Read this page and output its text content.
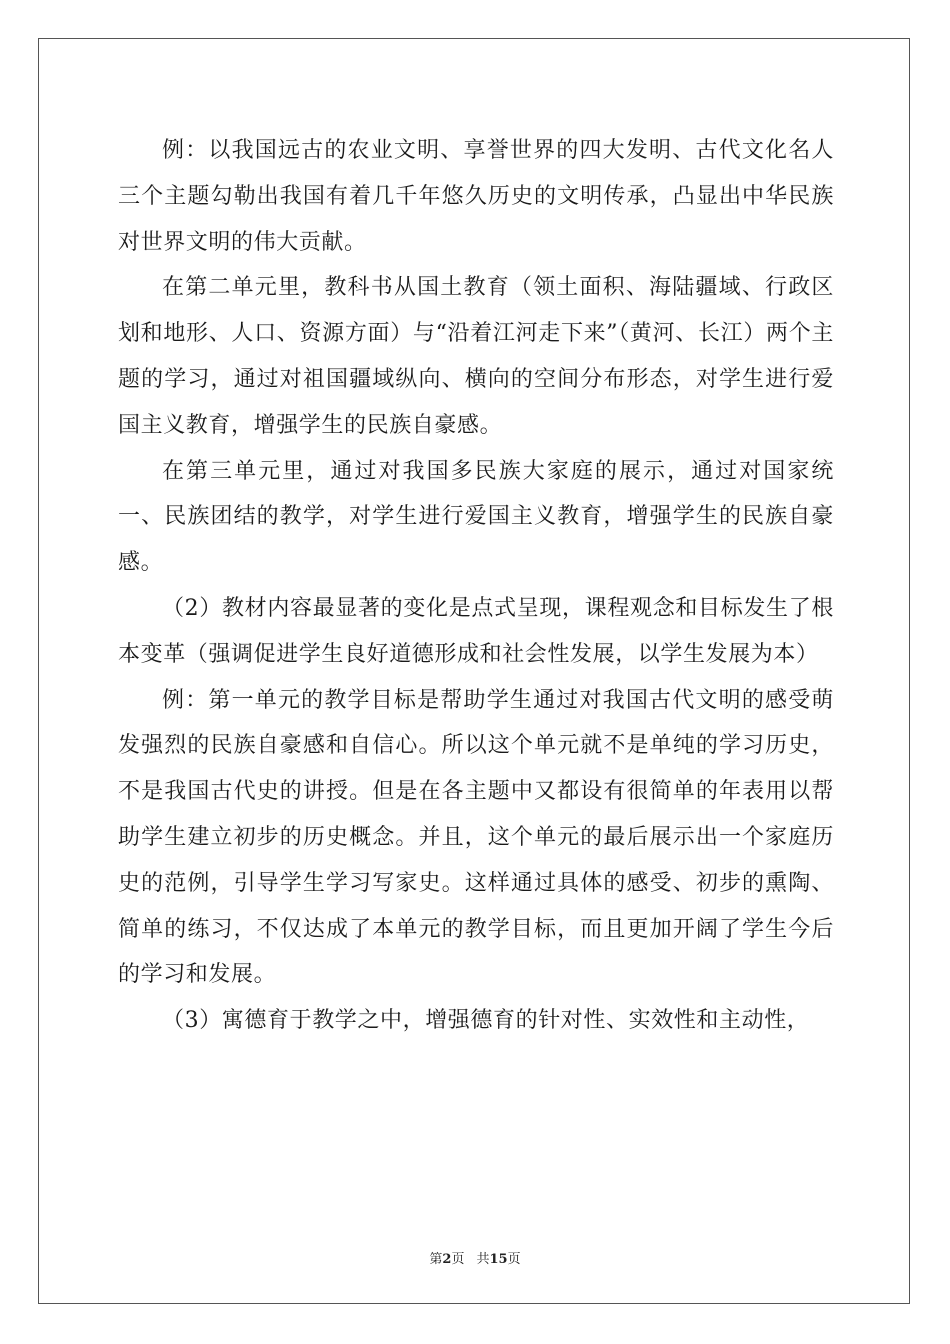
例：以我国远古的农业文明、享誉世界的四大发明、古代文化名人三个主题勾勒出我国有着几千年悠久历史的文明传承，凸显出中华民族对世界文明的伟大贡献。

在第二单元里，教科书从国土教育（领土面积、海陆疆域、行政区划和地形、人口、资源方面）与“沿着江河走下来”（黄河、长江）两个主题的学习，通过对祖国疆域纵向、横向的空间分布形态，对学生进行爱国主义教育，增强学生的民族自豪感。

在第三单元里，通过对我国多民族大家庭的展示，通过对国家统一、民族团结的教学，对学生进行爱国主义教育，增强学生的民族自豪感。

（2）教材内容最显著的变化是点式呈现，课程观念和目标发生了根本变革（强调促进学生良好道德形成和社会性发展，以学生发展为本）

例：第一单元的教学目标是帮助学生通过对我国古代文明的感受萌发强烈的民族自豪感和自信心。所以这个单元就不是单纯的学习历史，不是我国古代史的讲授。但是在各主题中又都设有很简单的年表用以帮助学生建立初步的历史概念。并且，这个单元的最后展示出一个家庭历史的范例，引导学生学习写家史。这样通过具体的感受、初步的熏陶、简单的练习，不仅达成了本单元的教学目标，而且更加开阔了学生今后的学习和发展。

（3）寓德育于教学之中，增强德育的针对性、实效性和主动性，

第2页 共15页
